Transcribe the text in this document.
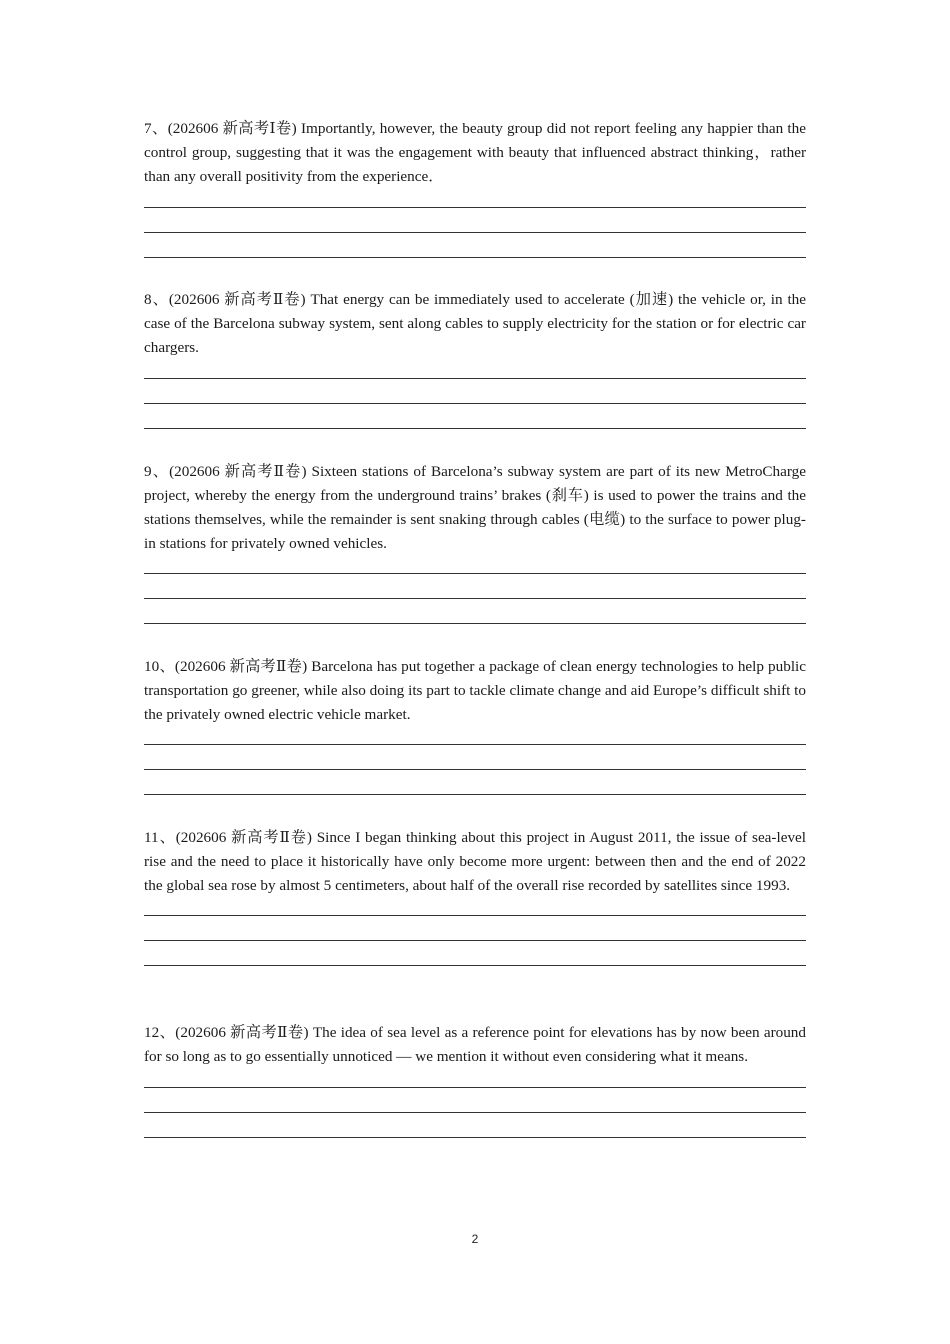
7、(202606 新高考Ⅰ卷) Importantly, however, the beauty group did not report feeling any happier than the control group, suggesting that it was the engagement with beauty that influenced abstract thinking，rather than any overall positivity from the experience．

8、(202606 新高考Ⅱ卷) That energy can be immediately used to accelerate (加速) the vehicle or, in the case of the Barcelona subway system, sent along cables to supply electricity for the station or for electric car chargers.

9、(202606 新高考Ⅱ卷) Sixteen stations of Barcelona’s subway system are part of its new MetroCharge project, whereby the energy from the underground trains’ brakes (刹车) is used to power the trains and the stations themselves, while the remainder is sent snaking through cables (电缆) to the surface to power plug-in stations for privately owned vehicles.

10、(202606 新高考Ⅱ卷) Barcelona has put together a package of clean energy technologies to help public transportation go greener, while also doing its part to tackle climate change and aid Europe’s difficult shift to the privately owned electric vehicle market.

11、(202606 新高考Ⅱ卷) Since I began thinking about this project in August 2011, the issue of sea-level rise and the need to place it historically have only become more urgent: between then and the end of 2022 the global sea rose by almost 5 centimeters, about half of the overall rise recorded by satellites since 1993.

12、(202606 新高考Ⅱ卷) The idea of sea level as a reference point for elevations has by now been around for so long as to go essentially unnoticed — we mention it without even considering what it means.

2
